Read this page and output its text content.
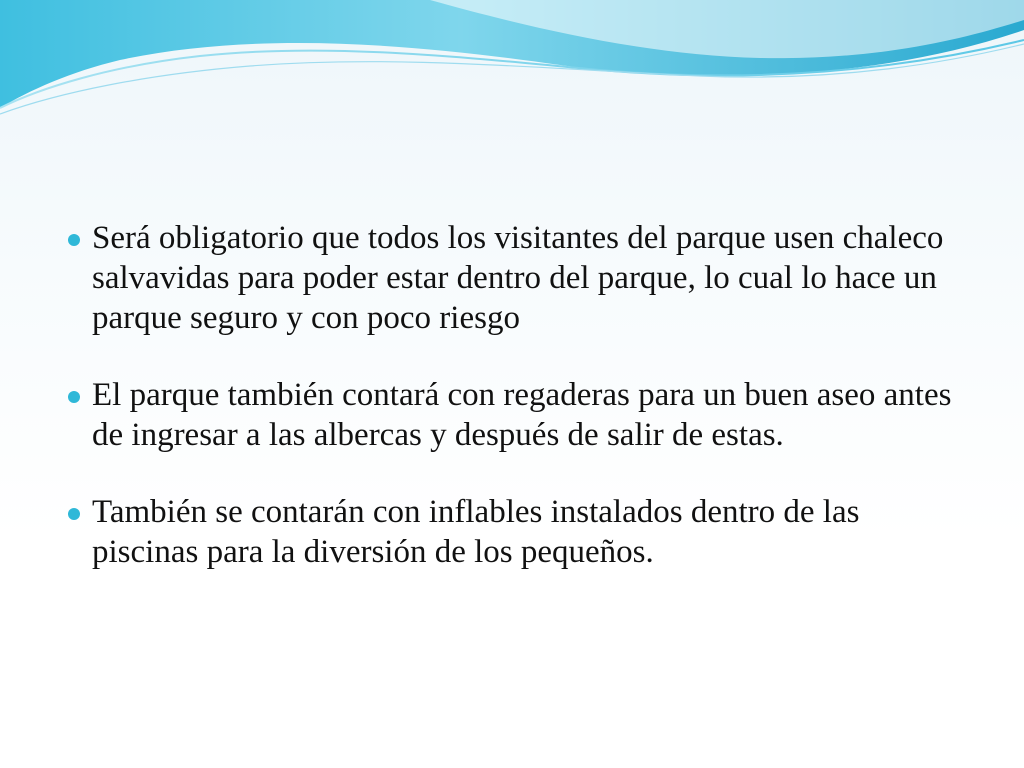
Será obligatorio que todos los visitantes del parque usen chaleco salvavidas para poder estar dentro del parque, lo cual lo hace un parque seguro y con poco riesgo
El parque también contará con regaderas para un buen aseo antes de ingresar a las albercas y después de salir de estas.
También se contarán con inflables instalados dentro de las piscinas para la diversión de los pequeños.
